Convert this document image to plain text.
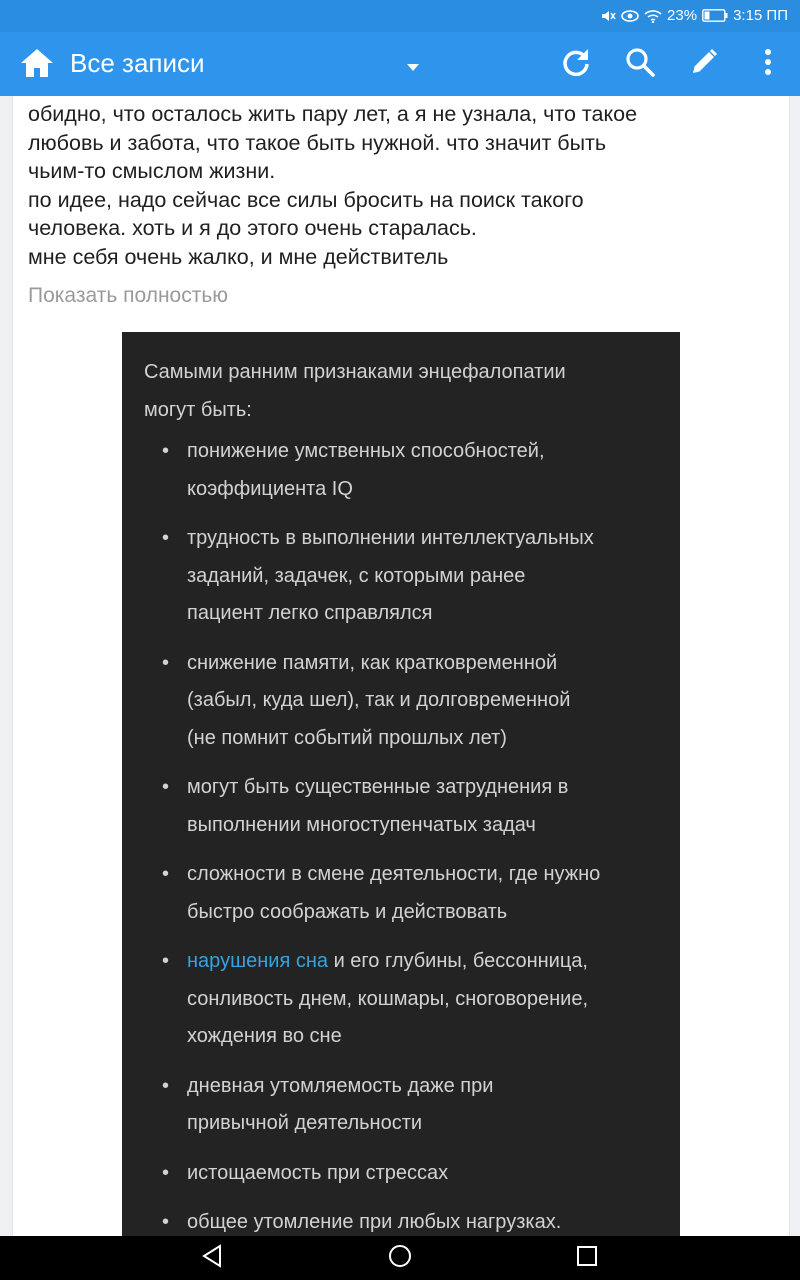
23% 3:15 ПП
Все записи
обидно, что осталось жить пару лет, а я не узнала, что такое
любовь и забота, что такое быть нужной. что значит быть
чьим-то смыслом жизни.
по идее, надо сейчас все силы бросить на поиск такого
человека. хоть и я до этого очень старалась.
мне себя очень жалко, и мне действитель
Показать полностью
Самыми ранним признаками энцефалопатии
могут быть:
• понижение умственных способностей,
коэффициента IQ
• трудность в выполнении интеллектуальных
заданий, задачек, с которыми ранее
пациент легко справлялся
• снижение памяти, как кратковременной
(забыл, куда шел), так и долговременной
(не помнит событий прошлых лет)
• могут быть существенные затруднения в
выполнении многоступенчатых задач
• сложности в смене деятельности, где нужно
быстро соображать и действовать
• нарушения сна и его глубины, бессонница,
сонливость днем, кошмары, сноговорение,
хождения во сне
• дневная утомляемость даже при
привычной деятельности
• истощаемость при стрессах
• общее утомление при любых нагрузках.
